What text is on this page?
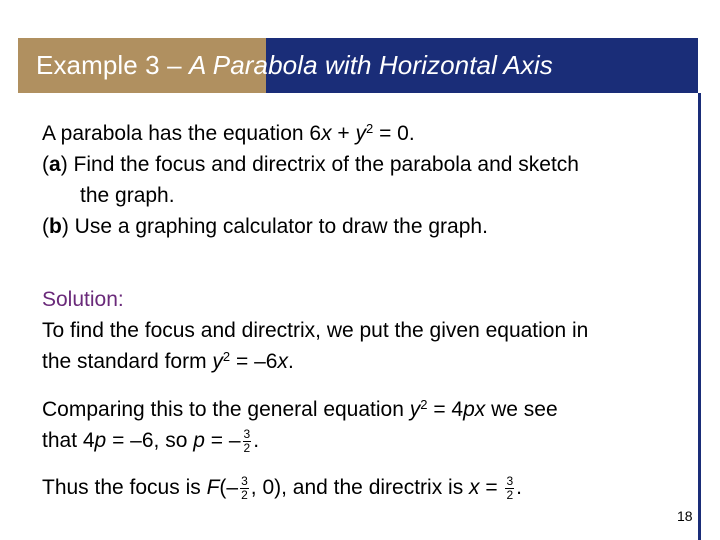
Example 3 – A Parabola with Horizontal Axis
A parabola has the equation $6x + y^2 = 0$.
(a) Find the focus and directrix of the parabola and sketch
the graph.
(b) Use a graphing calculator to draw the graph.
Solution:
To find the focus and directrix, we put the given equation in
the standard form $y^2 = -6x$.
Comparing this to the general equation $y^2 = 4px$ we see
that 4p = –6, so p = – $\frac{3}{2}$ .
Thus the focus is $F(- \frac{3}{2}$ , 0), and the directrix is $x = \frac{3}{2}$ .
18
